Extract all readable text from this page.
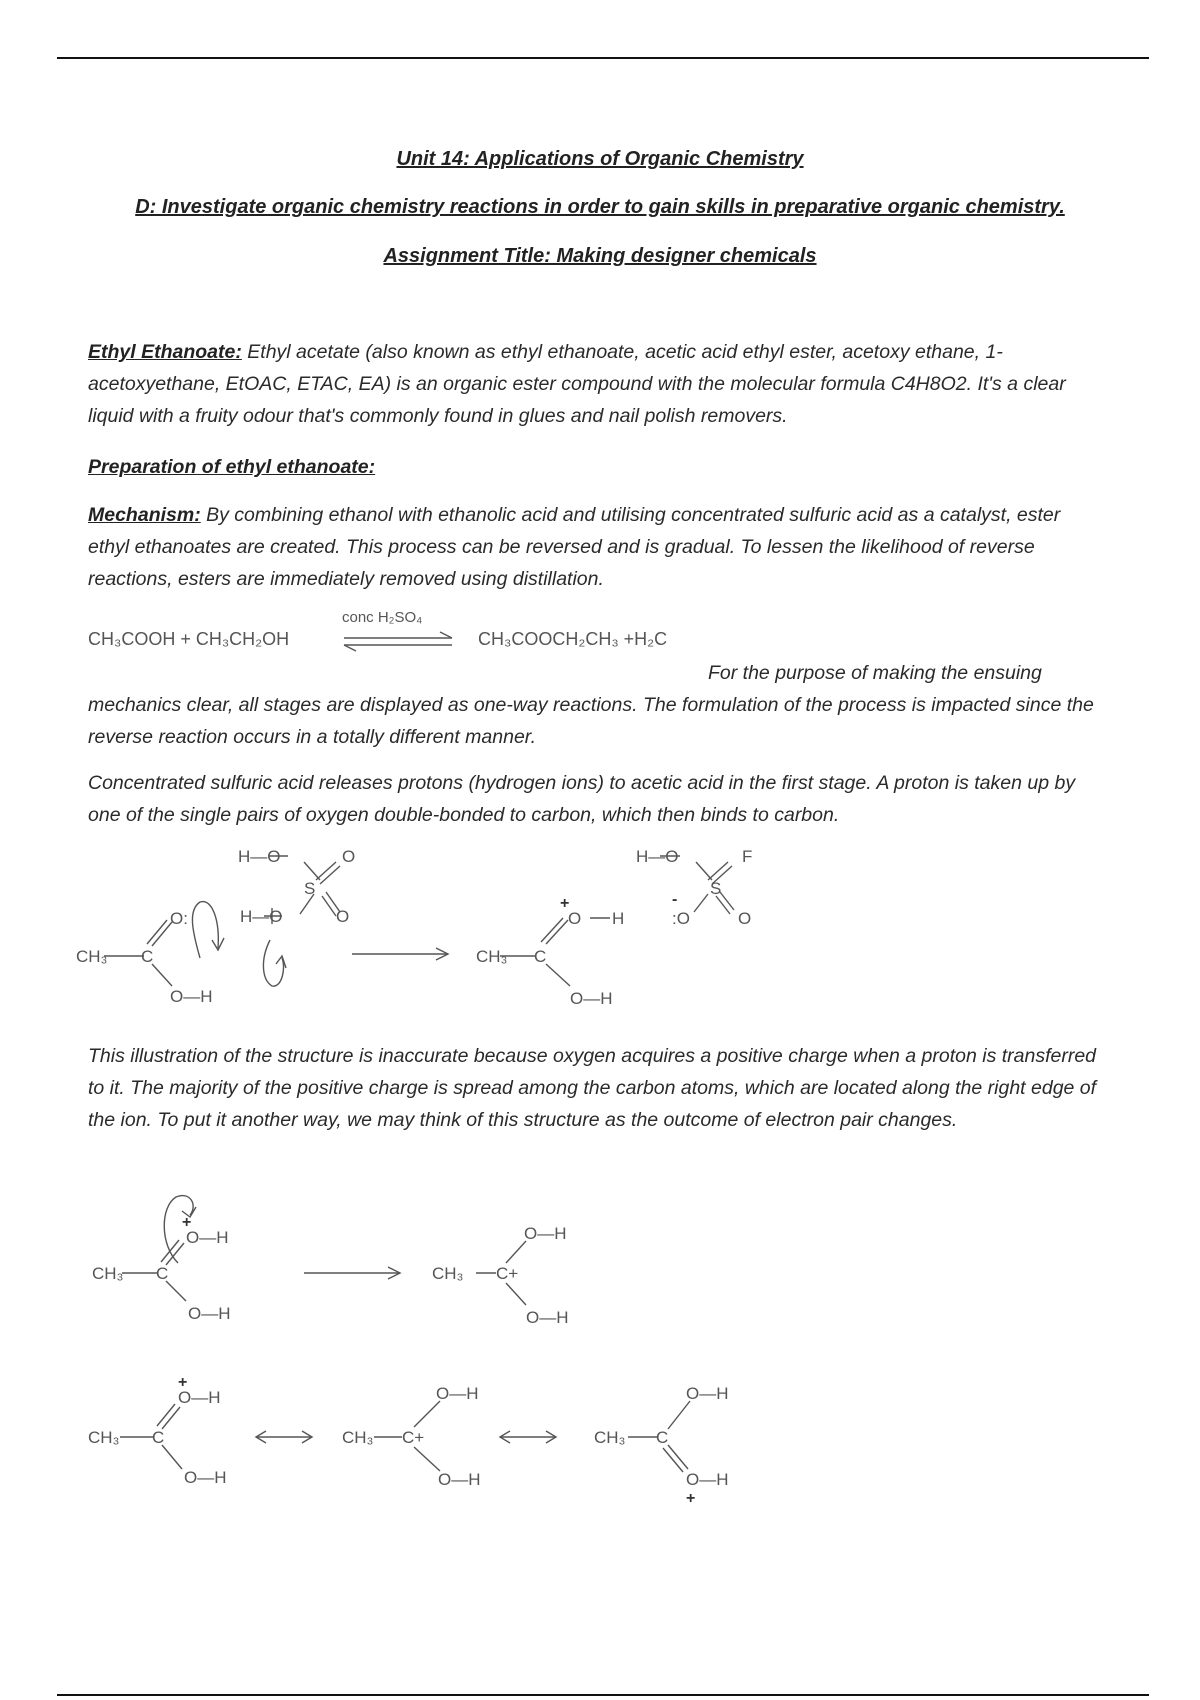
Unit 14: Applications of Organic Chemistry

D: Investigate organic chemistry reactions in order to gain skills in preparative organic chemistry.

Assignment Title: Making designer chemicals

Ethyl Ethanoate: Ethyl acetate (also known as ethyl ethanoate, acetic acid ethyl ester, acetoxy ethane, 1-acetoxyethane, EtOAC, ETAC, EA) is an organic ester compound with the molecular formula C4H8O2. It's a clear liquid with a fruity odour that's commonly found in glues and nail polish removers.

Preparation of ethyl ethanoate:

Mechanism: By combining ethanol with ethanolic acid and utilising concentrated sulfuric acid as a catalyst, ester ethyl ethanoates are created. This process can be reversed and is gradual. To lessen the likelihood of reverse reactions, esters are immediately removed using distillation.

CH₃COOH + CH₃CH₂OH
conc H₂SO₄
CH₃COOCH₂CH₃ +H₂C

For the purpose of making the ensuing

mechanics clear, all stages are displayed as one-way reactions. The formulation of the process is impacted since the reverse reaction occurs in a totally different manner.

Concentrated sulfuric acid releases protons (hydrogen ions) to acetic acid in the first stage. A proton is taken up by one of the single pairs of oxygen double-bonded to carbon, which then binds to carbon.

CH₃ C
O:
O—H
H—O	O
S
H—O	O
CH₃ C
O H
+
O—H
H—O	F
S
:O
-
O

This illustration of the structure is inaccurate because oxygen acquires a positive charge when a proton is transferred to it. The majority of the positive charge is spread among the carbon atoms, which are located along the right edge of the ion. To put it another way, we may think of this structure as the outcome of electron pair changes.

CH₃ C
O—H
+
O—H
CH₃ C+
O—H
O—H
CH₃ C
O—H
+
O—H
CH₃ C+
O—H
O—H
CH₃ C
O—H
O—H
+
